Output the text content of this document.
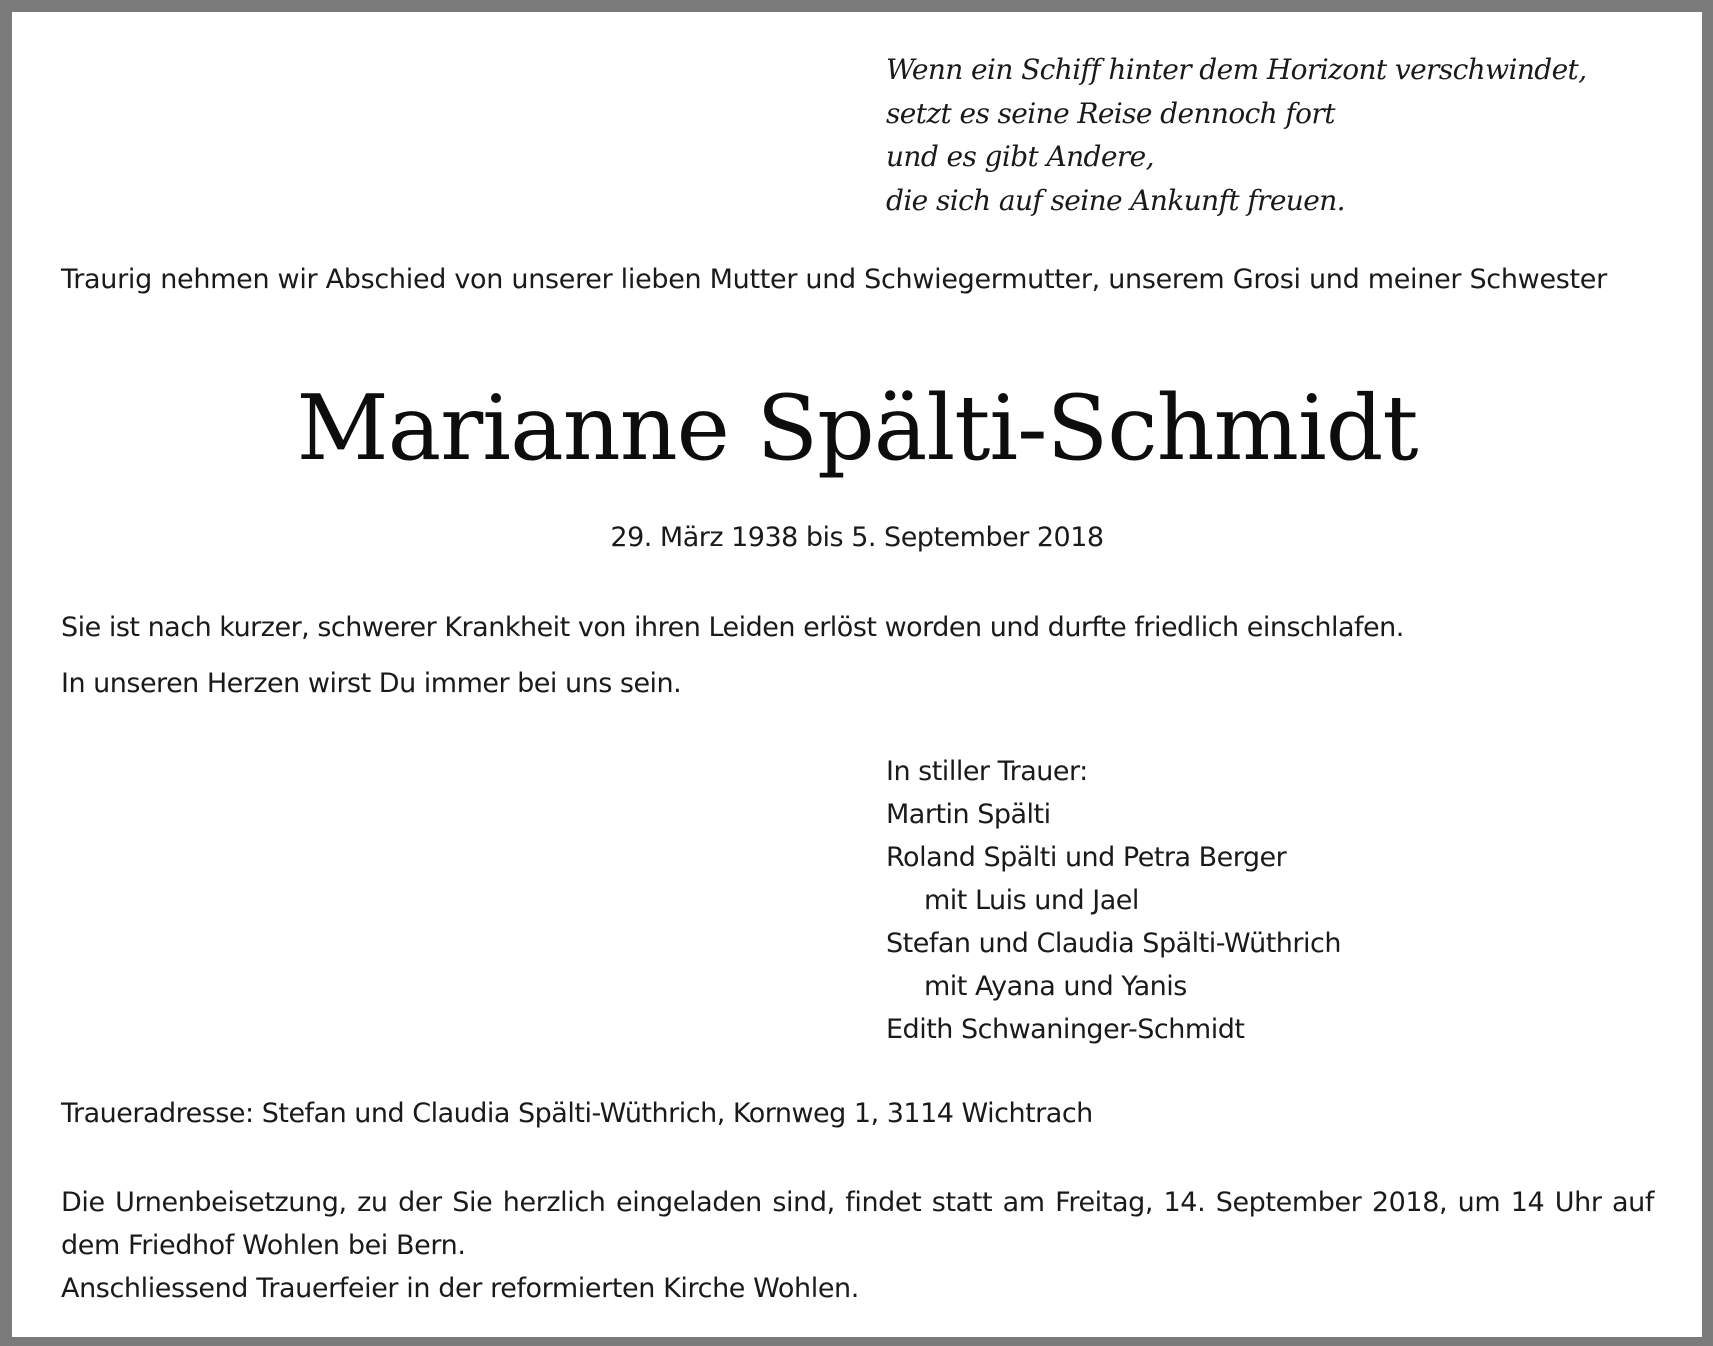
Wenn ein Schiff hinter dem Horizont verschwindet,
setzt es seine Reise dennoch fort
und es gibt Andere,
die sich auf seine Ankunft freuen.
Traurig nehmen wir Abschied von unserer lieben Mutter und Schwiegermutter, unserem Grosi und meiner Schwester
Marianne Spälti-Schmidt
29. März 1938 bis 5. September 2018
Sie ist nach kurzer, schwerer Krankheit von ihren Leiden erlöst worden und durfte friedlich einschlafen.
In unseren Herzen wirst Du immer bei uns sein.
In stiller Trauer:
Martin Spälti
Roland Spälti und Petra Berger
mit Luis und Jael
Stefan und Claudia Spälti-Wüthrich
mit Ayana und Yanis
Edith Schwaninger-Schmidt
Traueradresse: Stefan und Claudia Spälti-Wüthrich, Kornweg 1, 3114 Wichtrach
Die Urnenbeisetzung, zu der Sie herzlich eingeladen sind, findet statt am Freitag, 14. September 2018, um 14 Uhr auf dem Friedhof Wohlen bei Bern.
Anschliessend Trauerfeier in der reformierten Kirche Wohlen.
